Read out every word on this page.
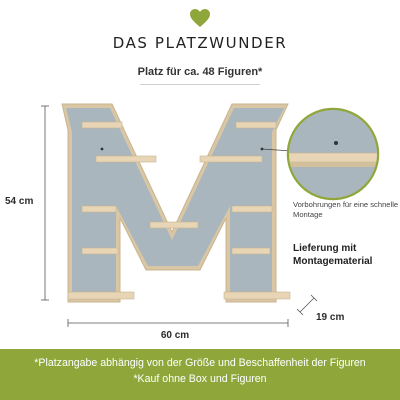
DAS PLATZWUNDER
Platz für ca. 48 Figuren*
54 cm
60 cm
19 cm
Vorbohrungen für eine schnelle Montage
Lieferung mit Montagematerial
*Platzangabe abhängig von der Größe und Beschaffenheit der Figuren
*Kauf ohne Box und Figuren
